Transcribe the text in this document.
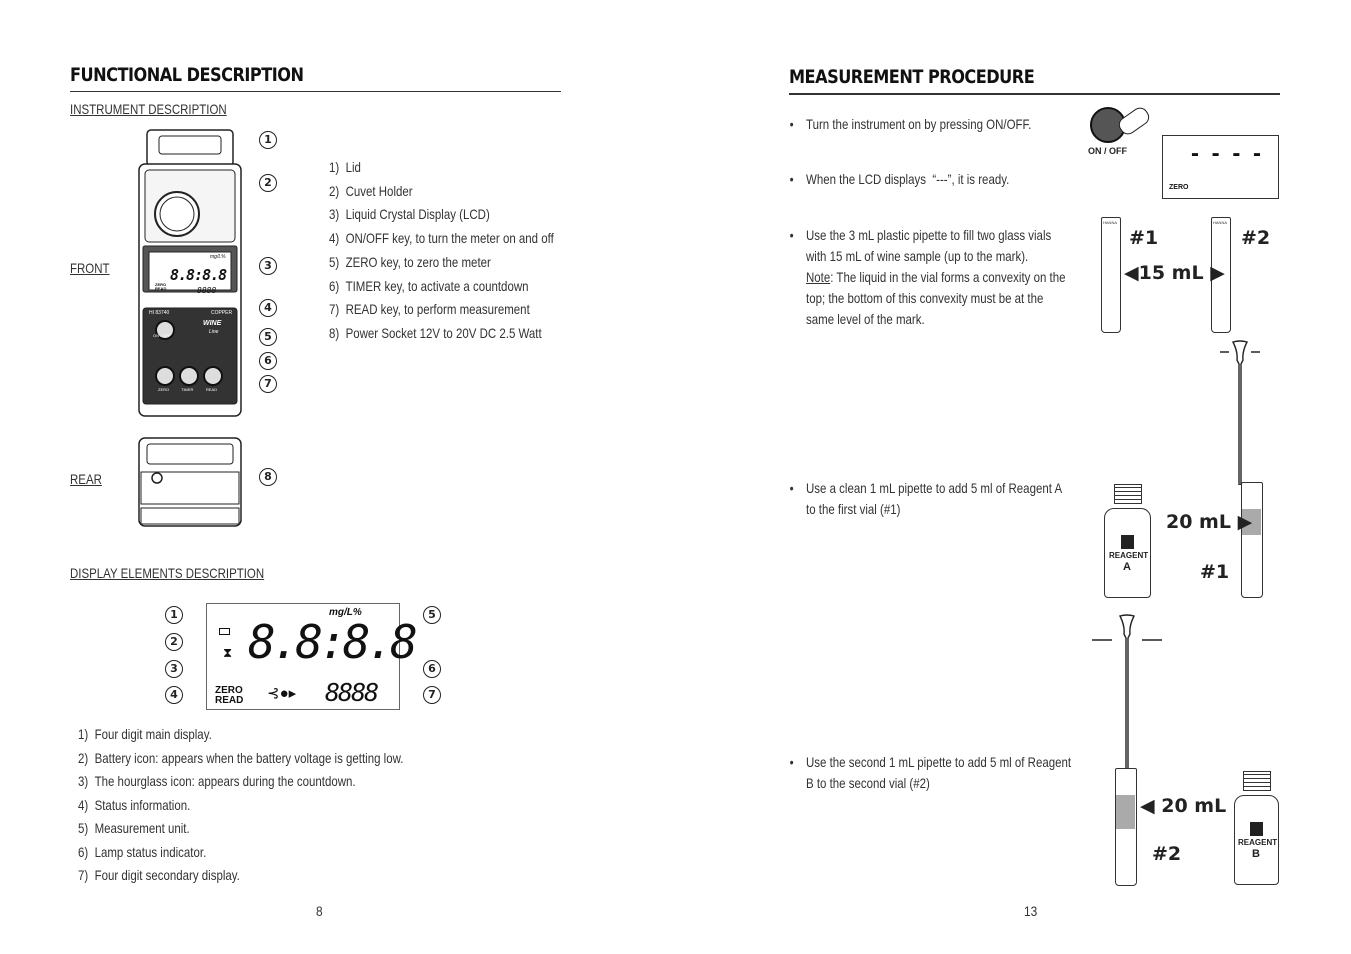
FUNCTIONAL DESCRIPTION
INSTRUMENT DESCRIPTION
FRONT
REAR
8.8:8.8
mg/L%
ZERO READ	8888
HI 83740	COPPER
WINE
Line
ON / OFF
ZERO	TIMER	READ
1
2
3
4
5
6
7
8
1)  Lid
2)  Cuvet Holder
3)  Liquid Crystal Display (LCD)
4)  ON/OFF key, to turn the meter on and off
5)  ZERO key, to zero the meter
6)  TIMER key, to activate a countdown
7)  READ key, to perform measurement
8)  Power Socket 12V to 20V DC 2.5 Watt
DISPLAY ELEMENTS DESCRIPTION
⧗ 8.8:8.8
mg/L%
ZERO
READ ⊰●▸ 8888
1
2
3
4
5
6
7
1)  Four digit main display.
2)  Battery icon: appears when the battery voltage is getting low.
3)  The hourglass icon: appears during the countdown.
4)  Status information.
5)  Measurement unit.
6)  Lamp status indicator.
7)  Four digit secondary display.
8
MEASUREMENT PROCEDURE
• Turn the instrument on by pressing ON/OFF.
• When the LCD displays  “---”, it is ready.
• Use the 3 mL plastic pipette to fill two glass vials with 15 mL of wine sample (up to the mark).
Note: The liquid in the vial forms a convexity on the top; the bottom of this convexity must be at the same level of the mark.
• Use a clean 1 mL pipette to add 5 ml of Reagent A to the first vial (#1)
• Use the second 1 mL pipette to add 5 ml of Reagent B to the second vial (#2)
ON / OFF	- - - -
ZERO
HANNA	HANNA
#1	#2
◀15 mL ▶
REAGENT
A
20 mL ▶
#1
◀ 20 mL
#2
REAGENT
B
13
